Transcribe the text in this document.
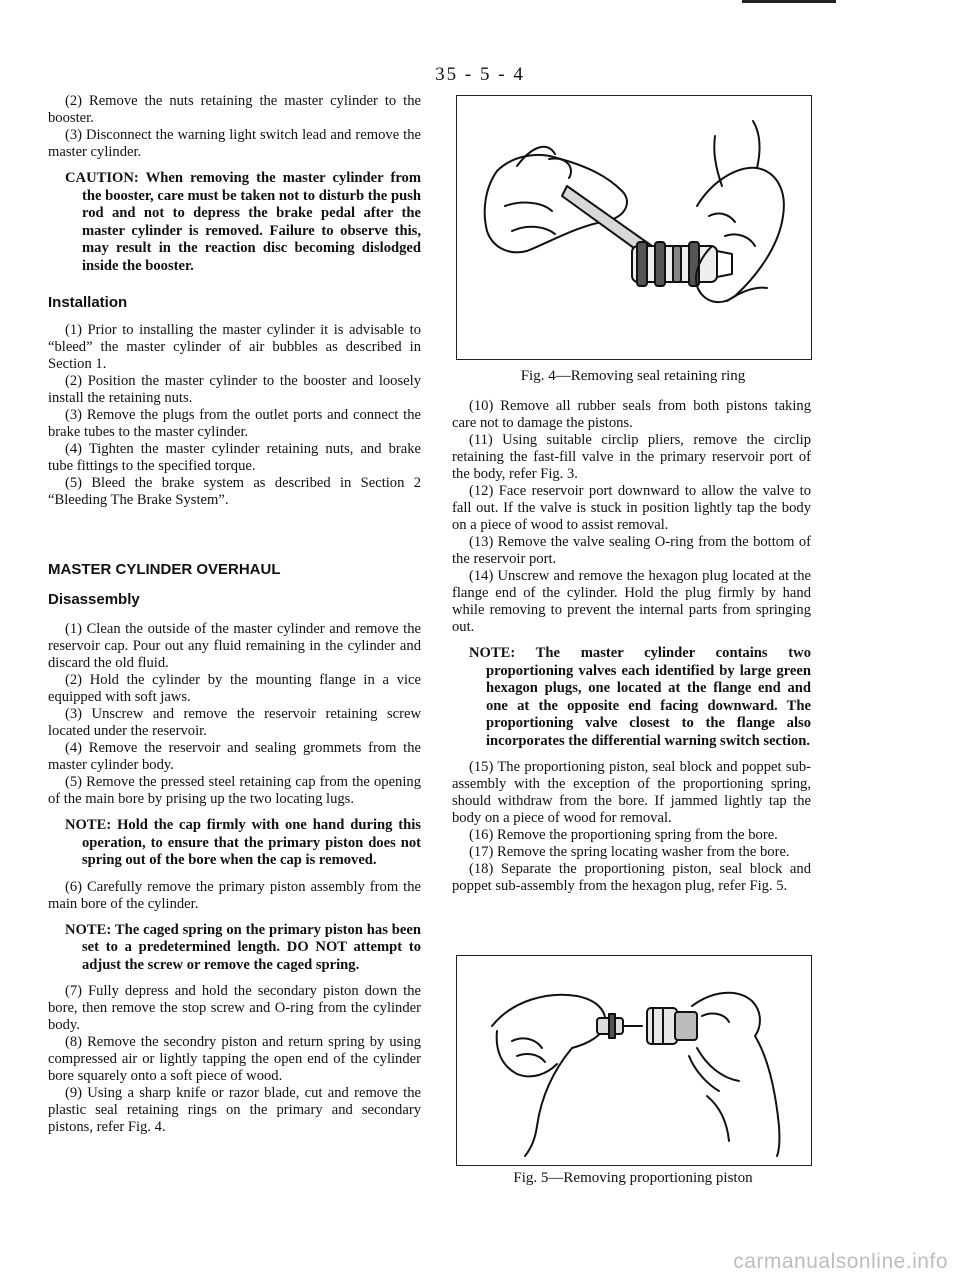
35 - 5 - 4

(2) Remove the nuts retaining the master cylinder to the booster.

(3) Disconnect the warning light switch lead and remove the master cylinder.

CAUTION: When removing the master cylinder from the booster, care must be taken not to disturb the push rod and not to depress the brake pedal after the master cylinder is removed. Failure to observe this, may result in the reaction disc becoming dislodged inside the booster.

Installation

(1) Prior to installing the master cylinder it is advisable to “bleed” the master cylinder of air bubbles as described in Section 1.

(2) Position the master cylinder to the booster and loosely install the retaining nuts.

(3) Remove the plugs from the outlet ports and connect the brake tubes to the master cylinder.

(4) Tighten the master cylinder retaining nuts, and brake tube fittings to the specified torque.

(5) Bleed the brake system as described in Section 2 “Bleeding The Brake System”.

MASTER CYLINDER OVERHAUL
Disassembly

(1) Clean the outside of the master cylinder and remove the reservoir cap. Pour out any fluid remaining in the cylinder and discard the old fluid.

(2) Hold the cylinder by the mounting flange in a vice equipped with soft jaws.

(3) Unscrew and remove the reservoir retaining screw located under the reservoir.

(4) Remove the reservoir and sealing grommets from the master cylinder body.

(5) Remove the pressed steel retaining cap from the opening of the main bore by prising up the two locating lugs.

NOTE: Hold the cap firmly with one hand during this operation, to ensure that the primary piston does not spring out of the bore when the cap is removed.

(6) Carefully remove the primary piston assembly from the main bore of the cylinder.

NOTE: The caged spring on the primary piston has been set to a predetermined length. DO NOT attempt to adjust the screw or remove the caged spring.

(7) Fully depress and hold the secondary piston down the bore, then remove the stop screw and O-ring from the cylinder body.

(8) Remove the secondry piston and return spring by using compressed air or lightly tapping the open end of the cylinder bore squarely onto a soft piece of wood.

(9) Using a sharp knife or razor blade, cut and remove the plastic seal retaining rings on the primary and secondary pistons, refer Fig. 4.

Fig. 4—Removing seal retaining ring

(10) Remove all rubber seals from both pistons taking care not to damage the pistons.

(11) Using suitable circlip pliers, remove the circlip retaining the fast-fill valve in the primary reservoir port of the body, refer Fig. 3.

(12) Face reservoir port downward to allow the valve to fall out. If the valve is stuck in position lightly tap the body on a piece of wood to assist removal.

(13) Remove the valve sealing O-ring from the bottom of the reservoir port.

(14) Unscrew and remove the hexagon plug located at the flange end of the cylinder. Hold the plug firmly by hand while removing to prevent the internal parts from springing out.

NOTE: The master cylinder contains two proportioning valves each identified by large green hexagon plugs, one located at the flange end and one at the opposite end facing downward. The proportioning valve closest to the flange also incorporates the differential warning switch section.

(15) The proportioning piston, seal block and poppet sub-assembly with the exception of the proportioning spring, should withdraw from the bore. If jammed lightly tap the body on a piece of wood for removal.

(16) Remove the proportioning spring from the bore.

(17) Remove the spring locating washer from the bore.

(18) Separate the proportioning piston, seal block and poppet sub-assembly from the hexagon plug, refer Fig. 5.

Fig. 5—Removing proportioning piston
carmanualsonline.info
